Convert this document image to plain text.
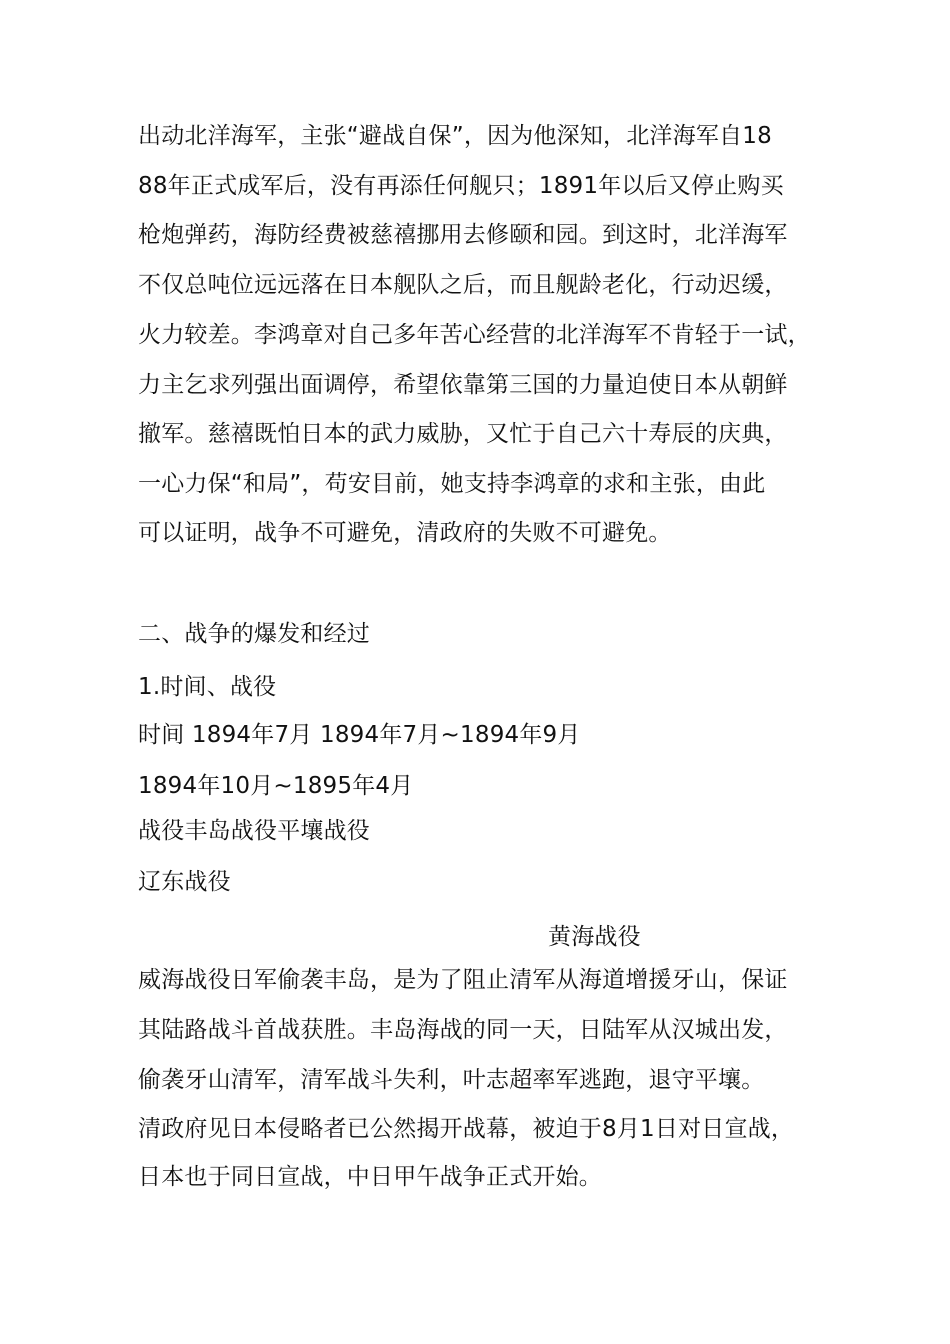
出动北洋海军，主张“避战自保”，因为他深知，北洋海军自18
88年正式成军后，没有再添任何舰只；1891年以后又停止购买
枪炮弹药，海防经费被慈禧挪用去修颐和园。到这时，北洋海军
不仅总吨位远远落在日本舰队之后，而且舰龄老化，行动迟缓，
火力较差。李鸿章对自己多年苦心经营的北洋海军不肯轻于一试，
力主乞求列强出面调停，希望依靠第三国的力量迫使日本从朝鲜
撤军。慈禧既怕日本的武力威胁，又忙于自己六十寿辰的庆典，
一心力保“和局”，苟安目前，她支持李鸿章的求和主张，由此
可以证明，战争不可避免，清政府的失败不可避免。
二、战争的爆发和经过
1.时间、战役
时间 1894年7月 1894年7月~1894年9月
1894年10月~1895年4月
战役丰岛战役平壤战役
辽东战役
黄海战役
威海战役日军偷袭丰岛，是为了阻止清军从海道增援牙山，保证
其陆路战斗首战获胜。丰岛海战的同一天，日陆军从汉城出发，
偷袭牙山清军，清军战斗失利，叶志超率军逃跑，退守平壤。
清政府见日本侵略者已公然揭开战幕，被迫于8月1日对日宣战，
日本也于同日宣战，中日甲午战争正式开始。
